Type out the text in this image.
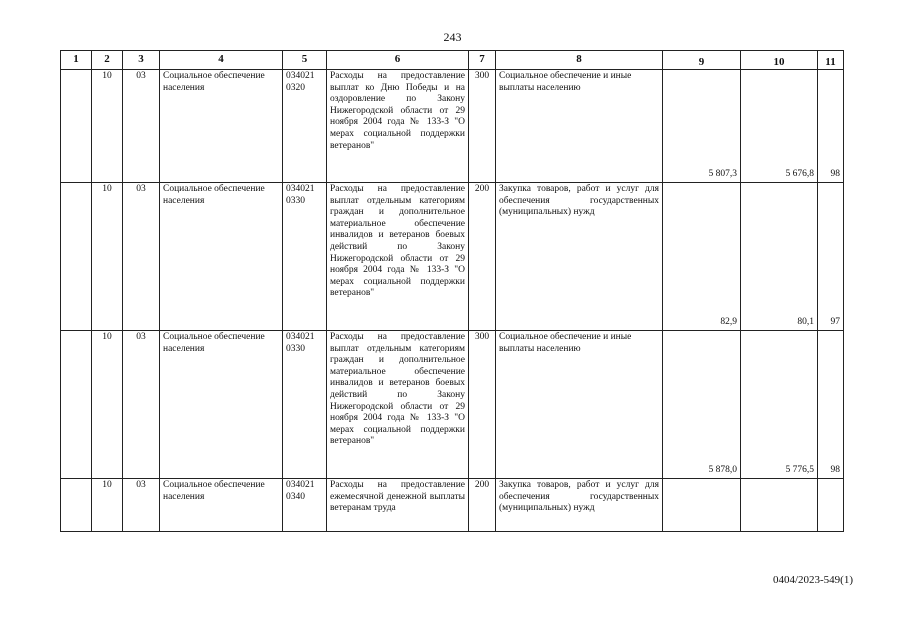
243
1	2	3	4	5	6	7	8	9	10	11
	10	03	Социальное обеспечение населения	034021 0320	Расходы на предоставление выплат ко Дню Победы и на оздоровление по Закону Нижегородской области от 29 ноября 2004 года № 133-З "О мерах социальной поддержки ветеранов"	300	Социальное обеспечение и иные выплаты населению	5 807,3	5 676,8	98
	10	03	Социальное обеспечение населения	034021 0330	Расходы на предоставление выплат отдельным категориям граждан и дополнительное материальное обеспечение инвалидов и ветеранов боевых действий по Закону Нижегородской области от 29 ноября 2004 года № 133-З "О мерах социальной поддержки ветеранов"	200	Закупка товаров, работ и услуг для обеспечения государственных (муниципальных) нужд	82,9	80,1	97
	10	03	Социальное обеспечение населения	034021 0330	Расходы на предоставление выплат отдельным категориям граждан и дополнительное материальное обеспечение инвалидов и ветеранов боевых действий по Закону Нижегородской области от 29 ноября 2004 года № 133-З "О мерах социальной поддержки ветеранов"	300	Социальное обеспечение и иные выплаты населению	5 878,0	5 776,5	98
	10	03	Социальное обеспечение населения	034021 0340	Расходы на предоставление ежемесячной денежной выплаты ветеранам труда	200	Закупка товаров, работ и услуг для обеспечения государственных (муниципальных) нужд			
0404/2023-549(1)
